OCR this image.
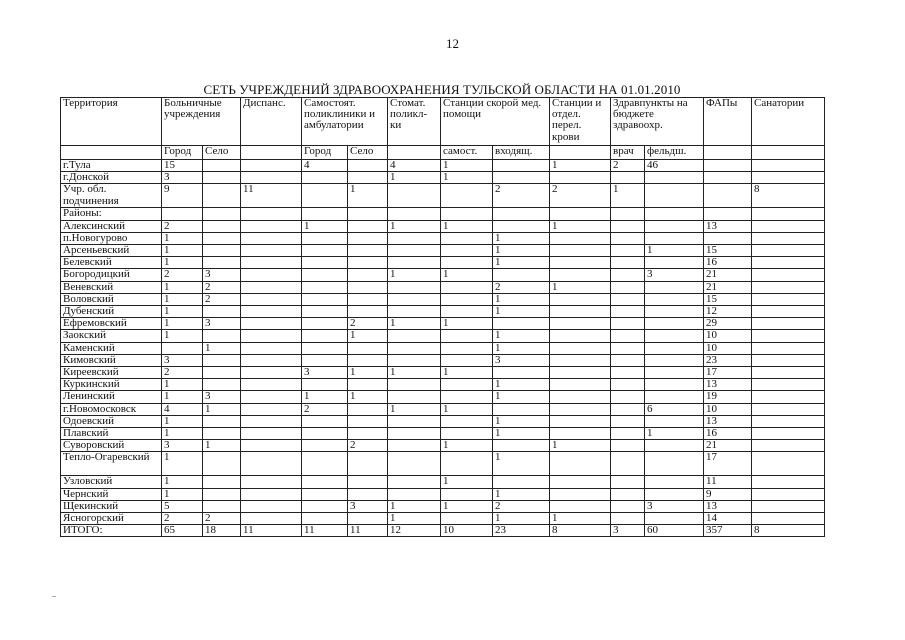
12
СЕТЬ УЧРЕЖДЕНИЙ ЗДРАВООХРАНЕНИЯ ТУЛЬСКОЙ ОБЛАСТИ НА 01.01.2010
Территория	Больничные учреждения		Диспанс.	Самостоят. поликлиники и амбулатории		Стомат. поликл-ки	Станции скорой мед. помощи		Станции и отдел. перел. крови	Здравпункты на бюджете здравоохр.		ФАПы	Санатории
	Город	Село		Город	Село		самост.	входящ.		врач	фельдш.		
г.Тула	15			4		4	1		1	2	46		
г.Донской	3					1	1						
Учр. обл. подчинения	9		11		1			2	2	1			8
Районы:													
Алексинский	2			1		1	1		1			13	
п.Новогурово	1							1					
Арсеньевский	1							1			1	15	
Белевский	1							1				16	
Богородицкий	2	3				1	1				3	21	
Веневский	1	2						2	1			21	
Воловский	1	2						1				15	
Дубенский	1							1				12	
Ефремовский	1	3			2	1	1					29	
Заокский	1				1			1				10	
Каменский		1						1				10	
Кимовский	3							3				23	
Киреевский	2			3	1	1	1					17	
Куркинский	1							1				13	
Ленинский	1	3		1	1			1				19	
г.Новомосковск	4	1		2		1	1				6	10	
Одоевский	1							1				13	
Плавский	1							1			1	16	
Суворовский	3	1			2		1		1			21	
Тепло-Огаревский	1							1				17	
Узловский	1						1					11	
Чернский	1							1				9	
Щекинский	5				3	1	1	2			3	13	
Ясногорский	2	2				1		1	1			14	
ИТОГО:	65	18	11	11	11	12	10	23	8	3	60	357	8
